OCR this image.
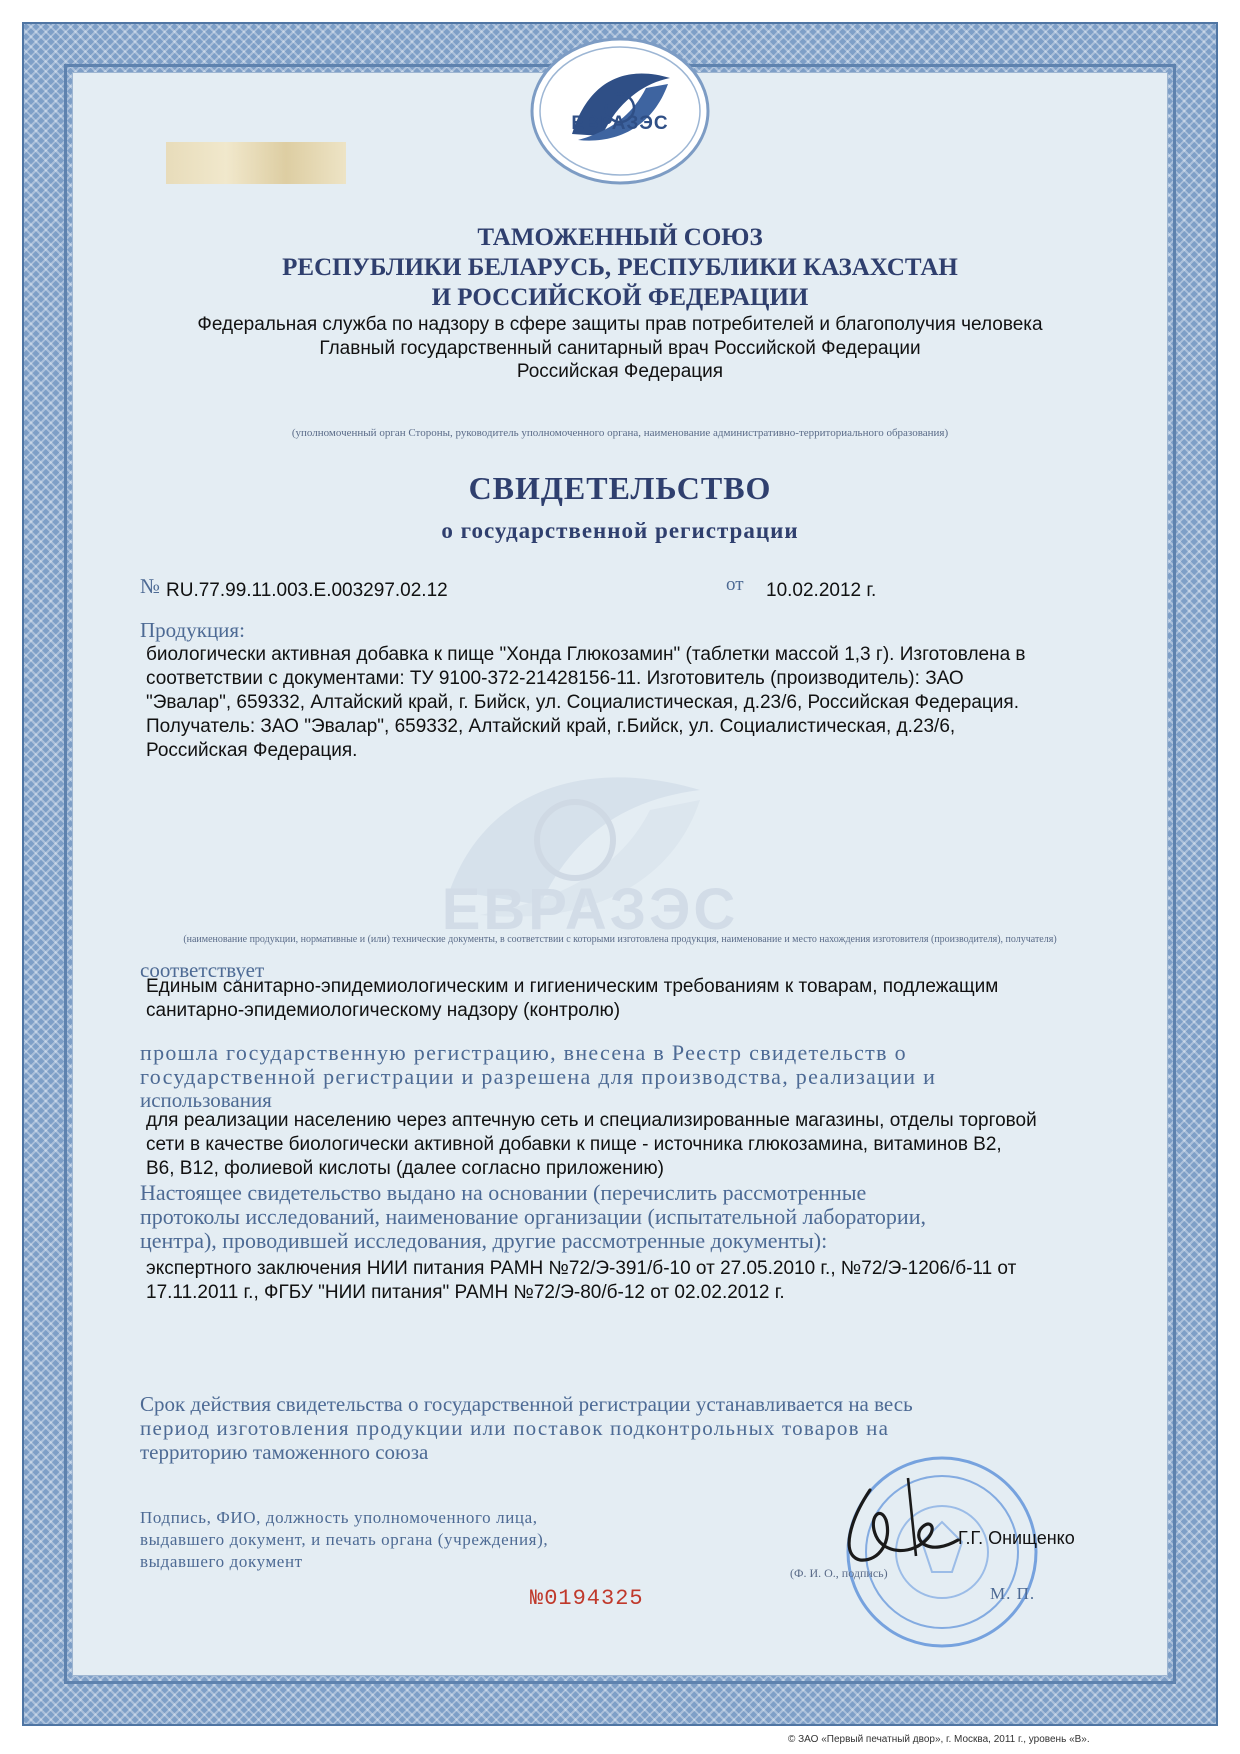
ЕВРАЗЭС
ЕВРАЗЭС
ТАМОЖЕННЫЙ СОЮЗ
РЕСПУБЛИКИ БЕЛАРУСЬ, РЕСПУБЛИКИ КАЗАХСТАН
И РОССИЙСКОЙ ФЕДЕРАЦИИ
Федеральная служба по надзору в сфере защиты прав потребителей и благополучия человека
Главный государственный санитарный врач Российской Федерации
Российская Федерация
(уполномоченный орган Стороны, руководитель уполномоченного органа, наименование административно-территориального образования)
СВИДЕТЕЛЬСТВО
о государственной регистрации
№ RU.77.99.11.003.E.003297.02.12	от 10.02.2012 г.
Продукция:
биологически активная добавка к пище "Хонда Глюкозамин" (таблетки массой 1,3 г). Изготовлена в
соответствии с документами: ТУ 9100-372-21428156-11. Изготовитель (производитель): ЗАО
"Эвалар", 659332, Алтайский край, г. Бийск, ул. Социалистическая, д.23/6, Российская Федерация.
Получатель: ЗАО "Эвалар", 659332, Алтайский край, г.Бийск, ул. Социалистическая, д.23/6,
Российская Федерация.
(наименование продукции, нормативные и (или) технические документы, в соответствии с которыми изготовлена продукция, наименование и место нахождения изготовителя (производителя), получателя)
соответствует
Единым санитарно-эпидемиологическим и гигиеническим требованиям к товарам, подлежащим
санитарно-эпидемиологическому надзору (контролю)
прошла государственную регистрацию, внесена в Реестр свидетельств о
государственной регистрации и разрешена для производства, реализации и
использования
для реализации населению через аптечную сеть и специализированные магазины, отделы торговой
сети в качестве биологически активной добавки к пище - источника глюкозамина, витаминов В2,
В6, В12, фолиевой кислоты (далее согласно приложению)
Настоящее свидетельство выдано на основании (перечислить рассмотренные
протоколы исследований, наименование организации (испытательной лаборатории,
центра), проводившей исследования, другие рассмотренные документы):
экспертного заключения НИИ питания РАМН №72/Э-391/б-10 от 27.05.2010 г., №72/Э-1206/б-11 от
17.11.2011 г., ФГБУ "НИИ питания" РАМН №72/Э-80/б-12 от 02.02.2012 г.
Срок действия свидетельства о государственной регистрации устанавливается на весь
период изготовления продукции или поставок подконтрольных товаров на
территорию таможенного союза
Подпись, ФИО, должность уполномоченного лица,
выдавшего документ, и печать органа (учреждения),
выдавшего документ
Г.Г. Онищенко
(Ф. И. О., подпись)
М. П.
№0194325
© ЗАО «Первый печатный двор», г. Москва, 2011 г., уровень «В».
